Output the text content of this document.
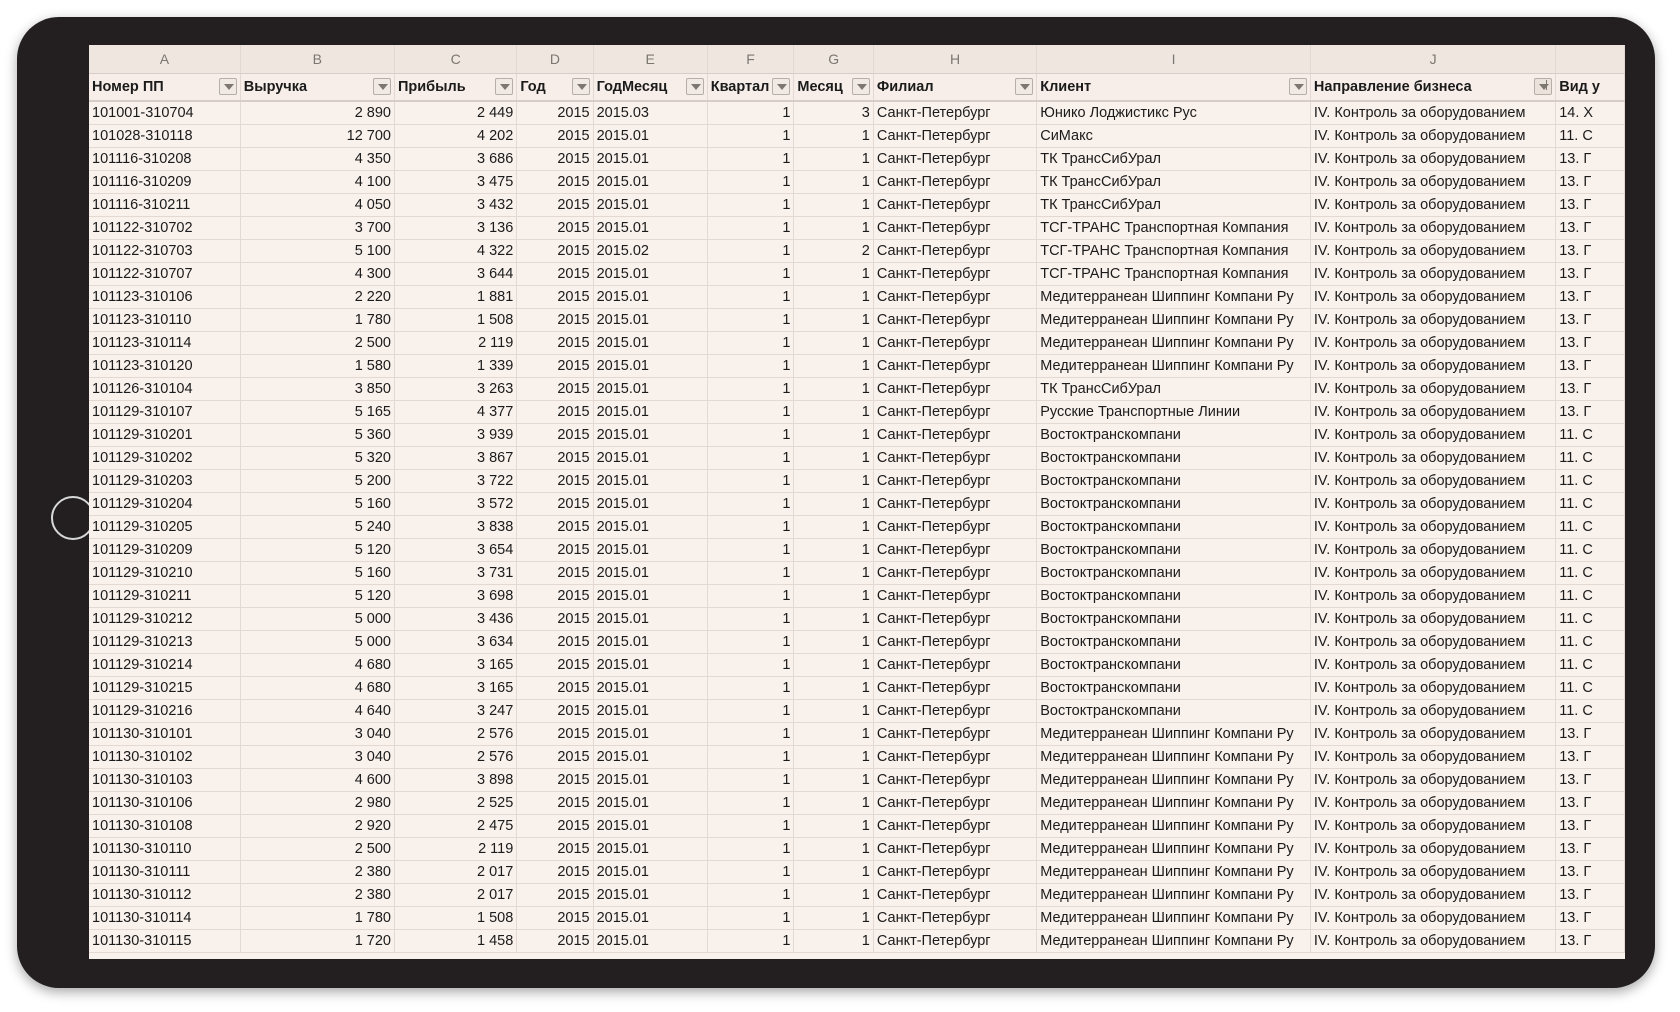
A	B	C	D	E	F	G	H	I	J	
Номер ПП	Выручка	Прибыль	Год	ГодМесяц	Квартал	Месяц	Филиал	Клиент	Направление бизнеса	Вид у
101001-310704	2 890	2 449	2015	2015.03	1	3	Санкт-Петербург	Юнико Лоджистикс Рус	IV. Контроль за оборудованием	14. Х
101028-310118	12 700	4 202	2015	2015.01	1	1	Санкт-Петербург	СиМакс	IV. Контроль за оборудованием	11. С
101116-310208	4 350	3 686	2015	2015.01	1	1	Санкт-Петербург	ТК ТрансСибУрал	IV. Контроль за оборудованием	13. Г
101116-310209	4 100	3 475	2015	2015.01	1	1	Санкт-Петербург	ТК ТрансСибУрал	IV. Контроль за оборудованием	13. Г
101116-310211	4 050	3 432	2015	2015.01	1	1	Санкт-Петербург	ТК ТрансСибУрал	IV. Контроль за оборудованием	13. Г
101122-310702	3 700	3 136	2015	2015.01	1	1	Санкт-Петербург	ТСГ-ТРАНС Транспортная Компания	IV. Контроль за оборудованием	13. Г
101122-310703	5 100	4 322	2015	2015.02	1	2	Санкт-Петербург	ТСГ-ТРАНС Транспортная Компания	IV. Контроль за оборудованием	13. Г
101122-310707	4 300	3 644	2015	2015.01	1	1	Санкт-Петербург	ТСГ-ТРАНС Транспортная Компания	IV. Контроль за оборудованием	13. Г
101123-310106	2 220	1 881	2015	2015.01	1	1	Санкт-Петербург	Медитерранеан Шиппинг Компани Ру	IV. Контроль за оборудованием	13. Г
101123-310110	1 780	1 508	2015	2015.01	1	1	Санкт-Петербург	Медитерранеан Шиппинг Компани Ру	IV. Контроль за оборудованием	13. Г
101123-310114	2 500	2 119	2015	2015.01	1	1	Санкт-Петербург	Медитерранеан Шиппинг Компани Ру	IV. Контроль за оборудованием	13. Г
101123-310120	1 580	1 339	2015	2015.01	1	1	Санкт-Петербург	Медитерранеан Шиппинг Компани Ру	IV. Контроль за оборудованием	13. Г
101126-310104	3 850	3 263	2015	2015.01	1	1	Санкт-Петербург	ТК ТрансСибУрал	IV. Контроль за оборудованием	13. Г
101129-310107	5 165	4 377	2015	2015.01	1	1	Санкт-Петербург	Русские Транспортные Линии	IV. Контроль за оборудованием	13. Г
101129-310201	5 360	3 939	2015	2015.01	1	1	Санкт-Петербург	Востоктранскомпани	IV. Контроль за оборудованием	11. С
101129-310202	5 320	3 867	2015	2015.01	1	1	Санкт-Петербург	Востоктранскомпани	IV. Контроль за оборудованием	11. С
101129-310203	5 200	3 722	2015	2015.01	1	1	Санкт-Петербург	Востоктранскомпани	IV. Контроль за оборудованием	11. С
101129-310204	5 160	3 572	2015	2015.01	1	1	Санкт-Петербург	Востоктранскомпани	IV. Контроль за оборудованием	11. С
101129-310205	5 240	3 838	2015	2015.01	1	1	Санкт-Петербург	Востоктранскомпани	IV. Контроль за оборудованием	11. С
101129-310209	5 120	3 654	2015	2015.01	1	1	Санкт-Петербург	Востоктранскомпани	IV. Контроль за оборудованием	11. С
101129-310210	5 160	3 731	2015	2015.01	1	1	Санкт-Петербург	Востоктранскомпани	IV. Контроль за оборудованием	11. С
101129-310211	5 120	3 698	2015	2015.01	1	1	Санкт-Петербург	Востоктранскомпани	IV. Контроль за оборудованием	11. С
101129-310212	5 000	3 436	2015	2015.01	1	1	Санкт-Петербург	Востоктранскомпани	IV. Контроль за оборудованием	11. С
101129-310213	5 000	3 634	2015	2015.01	1	1	Санкт-Петербург	Востоктранскомпани	IV. Контроль за оборудованием	11. С
101129-310214	4 680	3 165	2015	2015.01	1	1	Санкт-Петербург	Востоктранскомпани	IV. Контроль за оборудованием	11. С
101129-310215	4 680	3 165	2015	2015.01	1	1	Санкт-Петербург	Востоктранскомпани	IV. Контроль за оборудованием	11. С
101129-310216	4 640	3 247	2015	2015.01	1	1	Санкт-Петербург	Востоктранскомпани	IV. Контроль за оборудованием	11. С
101130-310101	3 040	2 576	2015	2015.01	1	1	Санкт-Петербург	Медитерранеан Шиппинг Компани Ру	IV. Контроль за оборудованием	13. Г
101130-310102	3 040	2 576	2015	2015.01	1	1	Санкт-Петербург	Медитерранеан Шиппинг Компани Ру	IV. Контроль за оборудованием	13. Г
101130-310103	4 600	3 898	2015	2015.01	1	1	Санкт-Петербург	Медитерранеан Шиппинг Компани Ру	IV. Контроль за оборудованием	13. Г
101130-310106	2 980	2 525	2015	2015.01	1	1	Санкт-Петербург	Медитерранеан Шиппинг Компани Ру	IV. Контроль за оборудованием	13. Г
101130-310108	2 920	2 475	2015	2015.01	1	1	Санкт-Петербург	Медитерранеан Шиппинг Компани Ру	IV. Контроль за оборудованием	13. Г
101130-310110	2 500	2 119	2015	2015.01	1	1	Санкт-Петербург	Медитерранеан Шиппинг Компани Ру	IV. Контроль за оборудованием	13. Г
101130-310111	2 380	2 017	2015	2015.01	1	1	Санкт-Петербург	Медитерранеан Шиппинг Компани Ру	IV. Контроль за оборудованием	13. Г
101130-310112	2 380	2 017	2015	2015.01	1	1	Санкт-Петербург	Медитерранеан Шиппинг Компани Ру	IV. Контроль за оборудованием	13. Г
101130-310114	1 780	1 508	2015	2015.01	1	1	Санкт-Петербург	Медитерранеан Шиппинг Компани Ру	IV. Контроль за оборудованием	13. Г
101130-310115	1 720	1 458	2015	2015.01	1	1	Санкт-Петербург	Медитерранеан Шиппинг Компани Ру	IV. Контроль за оборудованием	13. Г
